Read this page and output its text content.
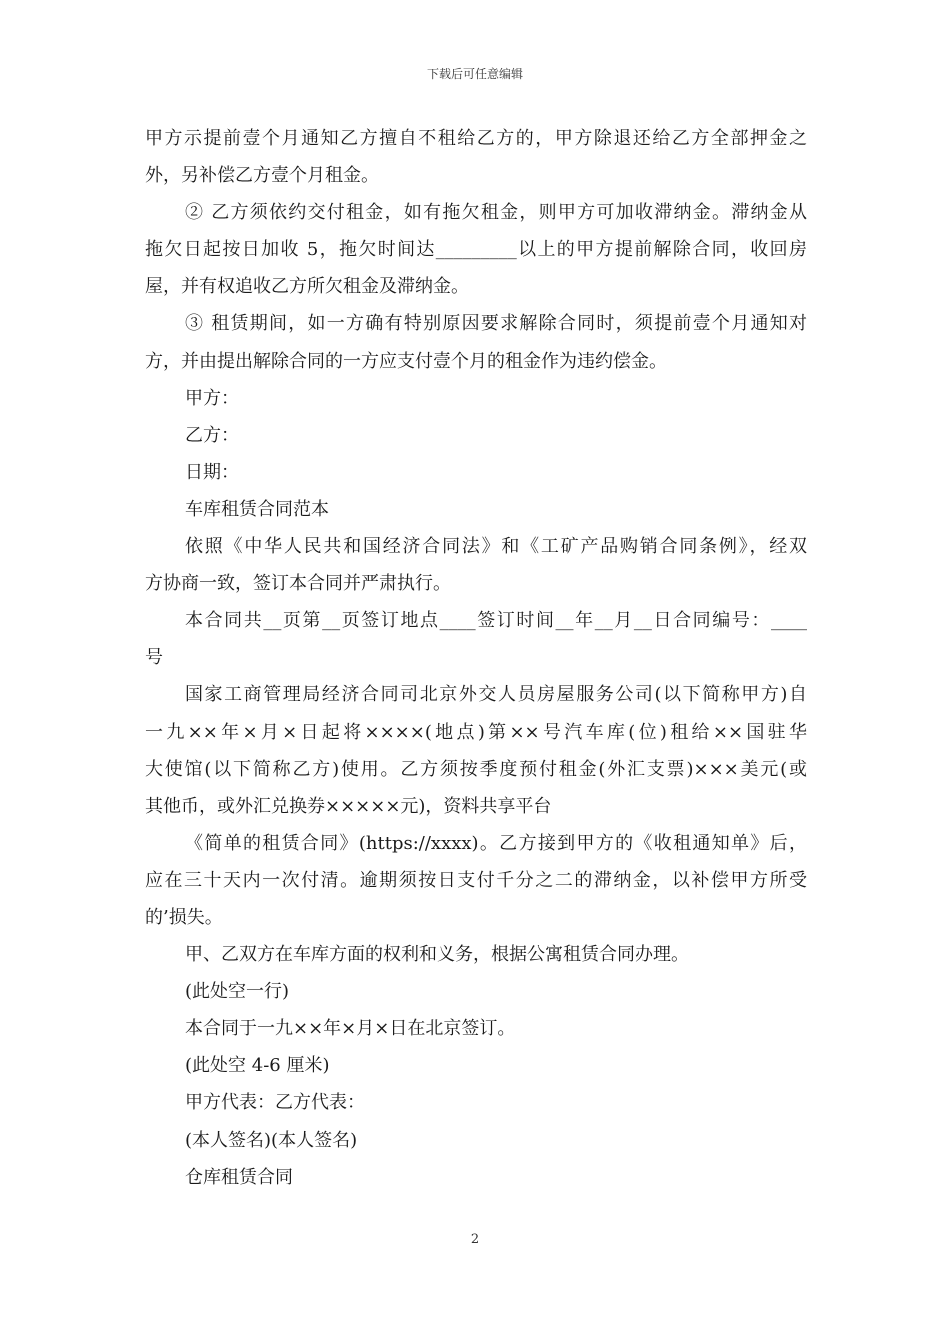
下载后可任意编辑
甲方示提前壹个月通知乙方擅自不租给乙方的，甲方除退还给乙方全部押金之
外，另补偿乙方壹个月租金。
② 乙方须依约交付租金，如有拖欠租金，则甲方可加收滞纳金。滞纳金从
拖欠日起按日加收 5，拖欠时间达_________以上的甲方提前解除合同，收回房
屋，并有权追收乙方所欠租金及滞纳金。
③ 租赁期间，如一方确有特别原因要求解除合同时，须提前壹个月通知对
方，并由提出解除合同的一方应支付壹个月的租金作为违约偿金。
甲方：
乙方：
日期：
车库租赁合同范本
依照《中华人民共和国经济合同法》和《工矿产品购销合同条例》，经双
方协商一致，签订本合同并严肃执行。
本合同共__页第__页签订地点____签订时间__年__月__日合同编号：____
号
国家工商管理局经济合同司北京外交人员房屋服务公司(以下简称甲方)自
一九××年×月×日起将××××(地点)第××号汽车库(位)租给××国驻华
大使馆(以下简称乙方)使用。乙方须按季度预付租金(外汇支票)×××美元(或
其他币，或外汇兑换券×××××元)，资料共享平台
《简单的租赁合同》(https://xxxx)。乙方接到甲方的《收租通知单》后，
应在三十天内一次付清。逾期须按日支付千分之二的滞纳金，以补偿甲方所受
的’损失。
甲、乙双方在车库方面的权利和义务，根据公寓租赁合同办理。
(此处空一行)
本合同于一九××年×月×日在北京签订。
(此处空 4-6 厘米)
甲方代表：乙方代表：
(本人签名)(本人签名)
仓库租赁合同
2
